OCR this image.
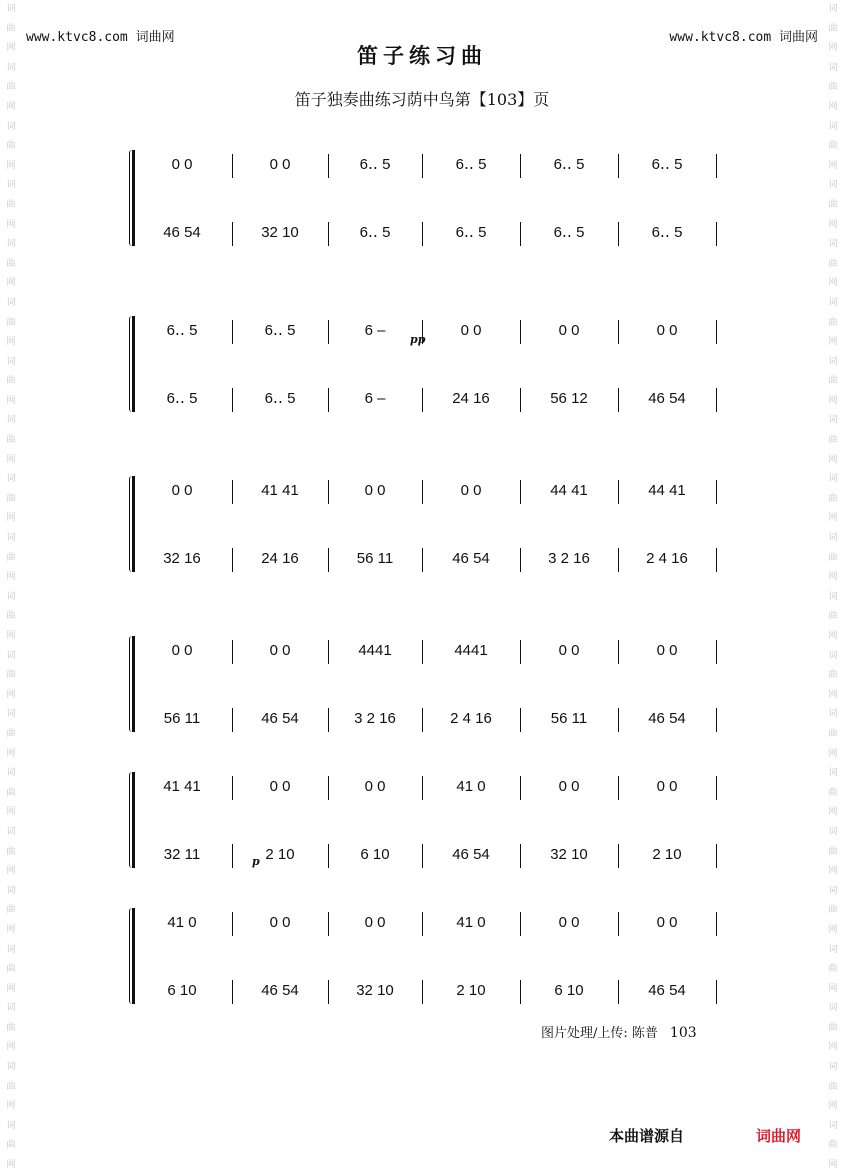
词
曲
网
词
曲
网
词
曲
网
词
曲
网
词
曲
网
词
曲
网
词
曲
网
词
曲
网
词
曲
网
词
曲
网
词
曲
网
词
曲
网
词
曲
网
词
曲
网
词
曲
网
词
曲
网
词
曲
网
词
曲
网
词
曲
网
词
曲
网

词
曲
网
词
曲
网
词
曲
网
词
曲
网
词
曲
网
词
曲
网
词
曲
网
词
曲
网
词
曲
网
词
曲
网
词
曲
网
词
曲
网
词
曲
网
词
曲
网
词
曲
网
词
曲
网
词
曲
网
词
曲
网
词
曲
网
词
曲
网

www.ktvc8.com 词曲网	www.ktvc8.com 词曲网
笛子练习曲
笛子独奏曲练习荫中鸟第【103】页
0 0	0 0	6‥ 5	6‥ 5	6‥ 5	6‥ 5
46 54	32 10	6‥ 5	6‥ 5	6‥ 5	6‥ 5
6‥ 5	6‥ 5	6 –	0 0	0 0	0 0
6‥ 5	6‥ 5	6 –	24 16	56 12	46 54
0 0	41 41	0 0	0 0	44 41	44 41
32 16	24 16	56 11	46 54	3 2 16	2 4 16
0 0	0 0	4441	4441	0 0	0 0
56 11	46 54	3 2 16	2 4 16	56 11	46 54
41 41	0 0	0 0	41 0	0 0	0 0
32 11	2 10	6 10	46 54	32 10	2 10
41 0	0 0	0 0	41 0	0 0	0 0
6 10	46 54	32 10	2 10	6 10	46 54
pp
p
图片处理/上传: 陈普 103
本曲谱源自	词曲网
